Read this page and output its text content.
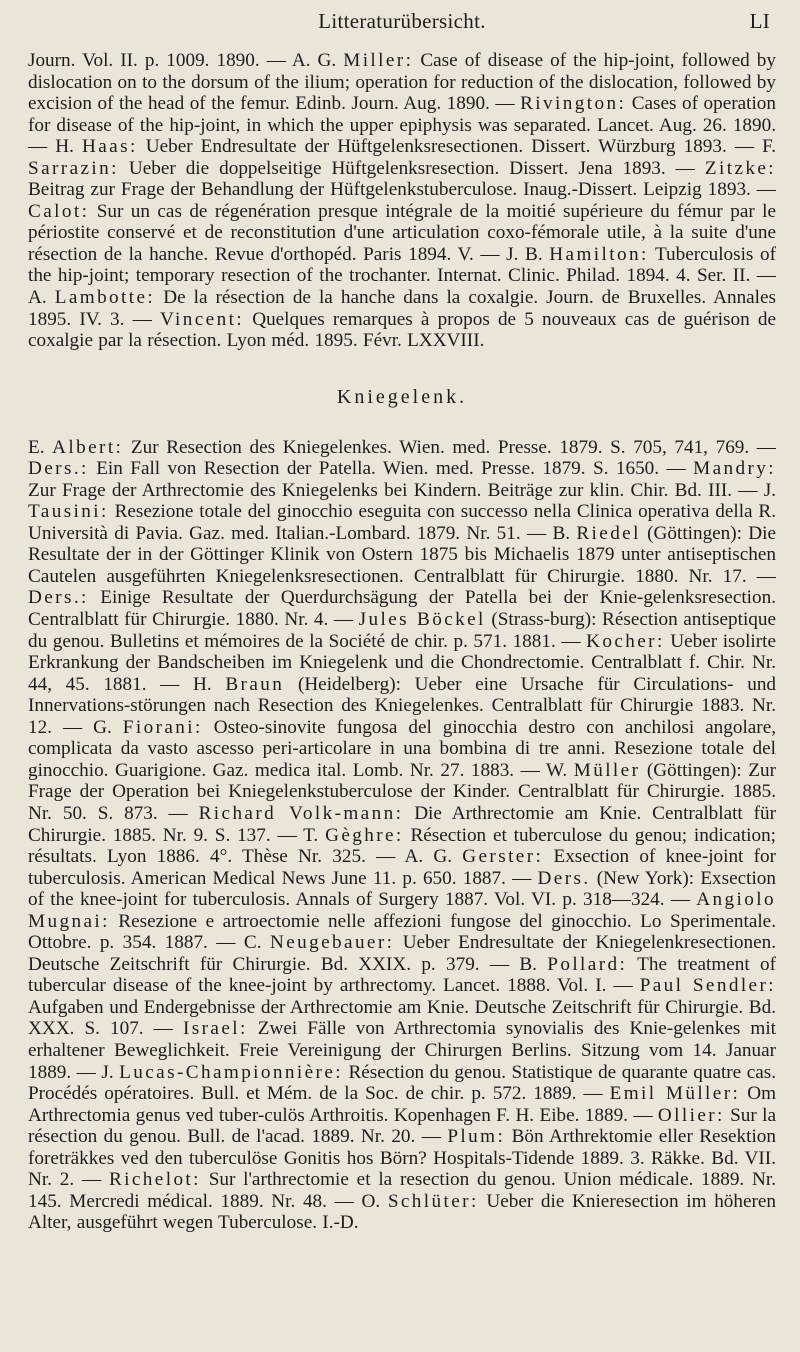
Litteraturübersicht.	LI

Journ. Vol. II. p. 1009. 1890. — A. G. Miller: Case of disease of the hip-joint, followed by dislocation on to the dorsum of the ilium; operation for reduction of the dislocation, followed by excision of the head of the femur. Edinb. Journ. Aug. 1890. — Rivington: Cases of operation for disease of the hip-joint, in which the upper epiphysis was separated. Lancet. Aug. 26. 1890. — H. Haas: Ueber Endresultate der Hüftgelenksresectionen. Dissert. Würzburg 1893. — F. Sarrazin: Ueber die doppelseitige Hüftgelenksresection. Dissert. Jena 1893. — Zitzke: Beitrag zur Frage der Behandlung der Hüftgelenkstuberculose. Inaug.-Dissert. Leipzig 1893. — Calot: Sur un cas de régenération presque intégrale de la moitié supérieure du fémur par le périostite conservé et de reconstitution d'une articulation coxo-fémorale utile, à la suite d'une résection de la hanche. Revue d'orthopéd. Paris 1894. V. — J. B. Hamilton: Tuberculosis of the hip-joint; temporary resection of the trochanter. Internat. Clinic. Philad. 1894. 4. Ser. II. — A. Lambotte: De la résection de la hanche dans la coxalgie. Journ. de Bruxelles. Annales 1895. IV. 3. — Vincent: Quelques remarques à propos de 5 nouveaux cas de guérison de coxalgie par la résection. Lyon méd. 1895. Févr. LXXVIII.

Kniegelenk.

E. Albert: Zur Resection des Kniegelenkes. Wien. med. Presse. 1879. S. 705, 741, 769. — Ders.: Ein Fall von Resection der Patella. Wien. med. Presse. 1879. S. 1650. — Mandry: Zur Frage der Arthrectomie des Kniegelenks bei Kindern. Beiträge zur klin. Chir. Bd. III. — J. Tausini: Resezione totale del ginocchio eseguita con successo nella Clinica operativa della R. Università di Pavia. Gaz. med. Italian.-Lombard. 1879. Nr. 51. — B. Riedel (Göttingen): Die Resultate der in der Göttinger Klinik von Ostern 1875 bis Michaelis 1879 unter antiseptischen Cautelen ausgeführten Kniegelenksresectionen. Centralblatt für Chirurgie. 1880. Nr. 17. — Ders.: Einige Resultate der Querdurchsägung der Patella bei der Knie-gelenksresection. Centralblatt für Chirurgie. 1880. Nr. 4. — Jules Böckel (Strass-burg): Résection antiseptique du genou. Bulletins et mémoires de la Société de chir. p. 571. 1881. — Kocher: Ueber isolirte Erkrankung der Bandscheiben im Kniegelenk und die Chondrectomie. Centralblatt f. Chir. Nr. 44, 45. 1881. — H. Braun (Heidelberg): Ueber eine Ursache für Circulations- und Innervations-störungen nach Resection des Kniegelenkes. Centralblatt für Chirurgie 1883. Nr. 12. — G. Fiorani: Osteo-sinovite fungosa del ginocchia destro con anchilosi angolare, complicata da vasto ascesso peri-articolare in una bombina di tre anni. Resezione totale del ginocchio. Guarigione. Gaz. medica ital. Lomb. Nr. 27. 1883. — W. Müller (Göttingen): Zur Frage der Operation bei Kniegelenkstuberculose der Kinder. Centralblatt für Chirurgie. 1885. Nr. 50. S. 873. — Richard Volk-mann: Die Arthrectomie am Knie. Centralblatt für Chirurgie. 1885. Nr. 9. S. 137. — T. Gèghre: Résection et tuberculose du genou; indication; résultats. Lyon 1886. 4°. Thèse Nr. 325. — A. G. Gerster: Exsection of knee-joint for tuberculosis. American Medical News June 11. p. 650. 1887. — Ders. (New York): Exsection of the knee-joint for tuberculosis. Annals of Surgery 1887. Vol. VI. p. 318—324. — Angiolo Mugnai: Resezione e artroectomie nelle affezioni fungose del ginocchio. Lo Sperimentale. Ottobre. p. 354. 1887. — C. Neugebauer: Ueber Endresultate der Kniegelenkresectionen. Deutsche Zeitschrift für Chirurgie. Bd. XXIX. p. 379. — B. Pollard: The treatment of tubercular disease of the knee-joint by arthrectomy. Lancet. 1888. Vol. I. — Paul Sendler: Aufgaben und Endergebnisse der Arthrectomie am Knie. Deutsche Zeitschrift für Chirurgie. Bd. XXX. S. 107. — Israel: Zwei Fälle von Arthrectomia synovialis des Knie-gelenkes mit erhaltener Beweglichkeit. Freie Vereinigung der Chirurgen Berlins. Sitzung vom 14. Januar 1889. — J. Lucas-Championnière: Résection du genou. Statistique de quarante quatre cas. Procédés opératoires. Bull. et Mém. de la Soc. de chir. p. 572. 1889. — Emil Müller: Om Arthrectomia genus ved tuber-culös Arthroitis. Kopenhagen F. H. Eibe. 1889. — Ollier: Sur la résection du genou. Bull. de l'acad. 1889. Nr. 20. — Plum: Bön Arthrektomie eller Resektion foreträkkes ved den tuberculöse Gonitis hos Börn? Hospitals-Tidende 1889. 3. Räkke. Bd. VII. Nr. 2. — Richelot: Sur l'arthrectomie et la resection du genou. Union médicale. 1889. Nr. 145. Mercredi médical. 1889. Nr. 48. — O. Schlüter: Ueber die Knieresection im höheren Alter, ausgeführt wegen Tuberculose. I.-D.
